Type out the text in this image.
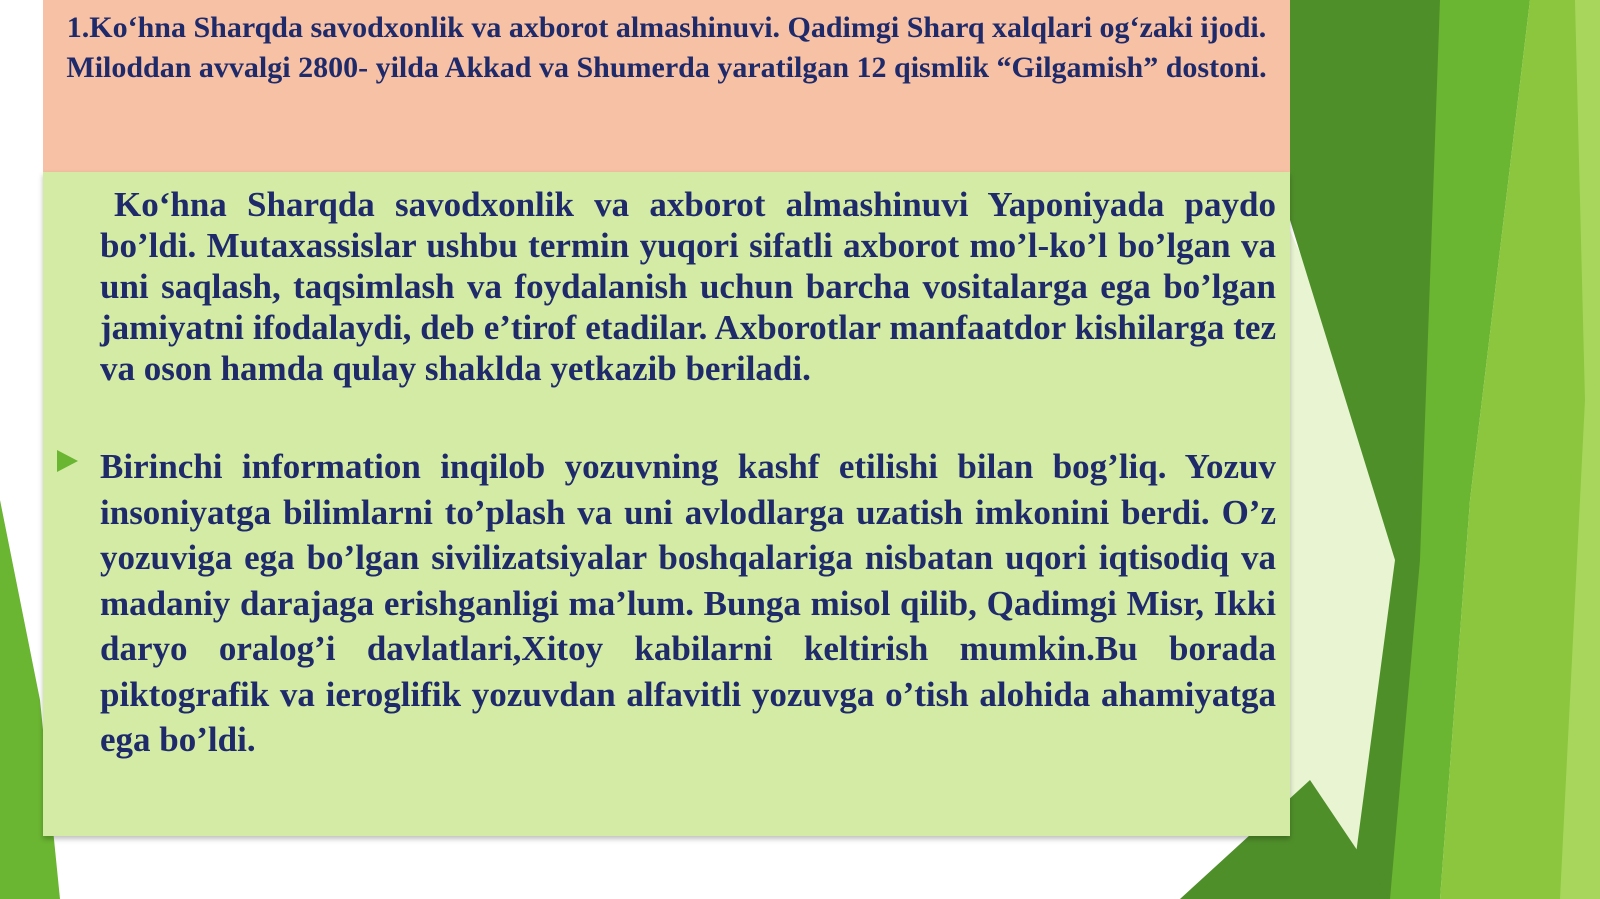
1.Ko‘hna Sharqda savodxonlik va axborot almashinuvi. Qadimgi Sharq xalqlari og‘zaki ijodi. Miloddan avvalgi 2800- yilda Akkad va Shumerda yaratilgan 12 qismlik “Gilgamish” dostoni.

Ko‘hna Sharqda savodxonlik va axborot almashinuvi Yaponiyada paydo bo’ldi. Mutaxassislar ushbu termin yuqori sifatli axborot mo’l-ko’l bo’lgan va uni saqlash, taqsimlash va foydalanish uchun barcha vositalarga ega bo’lgan jamiyatni ifodalaydi, deb e’tirof etadilar. Axborotlar manfaatdor kishilarga tez va oson hamda qulay shaklda yetkazib beriladi.

Birinchi information inqilob yozuvning kashf etilishi bilan bog’liq. Yozuv insoniyatga bilimlarni to’plash va uni avlodlarga uzatish imkonini berdi. O’z yozuviga ega bo’lgan sivilizatsiyalar boshqalariga nisbatan uqori iqtisodiq va madaniy darajaga erishganligi ma’lum. Bunga misol qilib, Qadimgi Misr, Ikki daryo oralog’i davlatlari,Xitoy kabilarni keltirish mumkin.Bu borada piktografik va ieroglifik yozuvdan alfavitli yozuvga o’tish alohida ahamiyatga ega bo’ldi.
